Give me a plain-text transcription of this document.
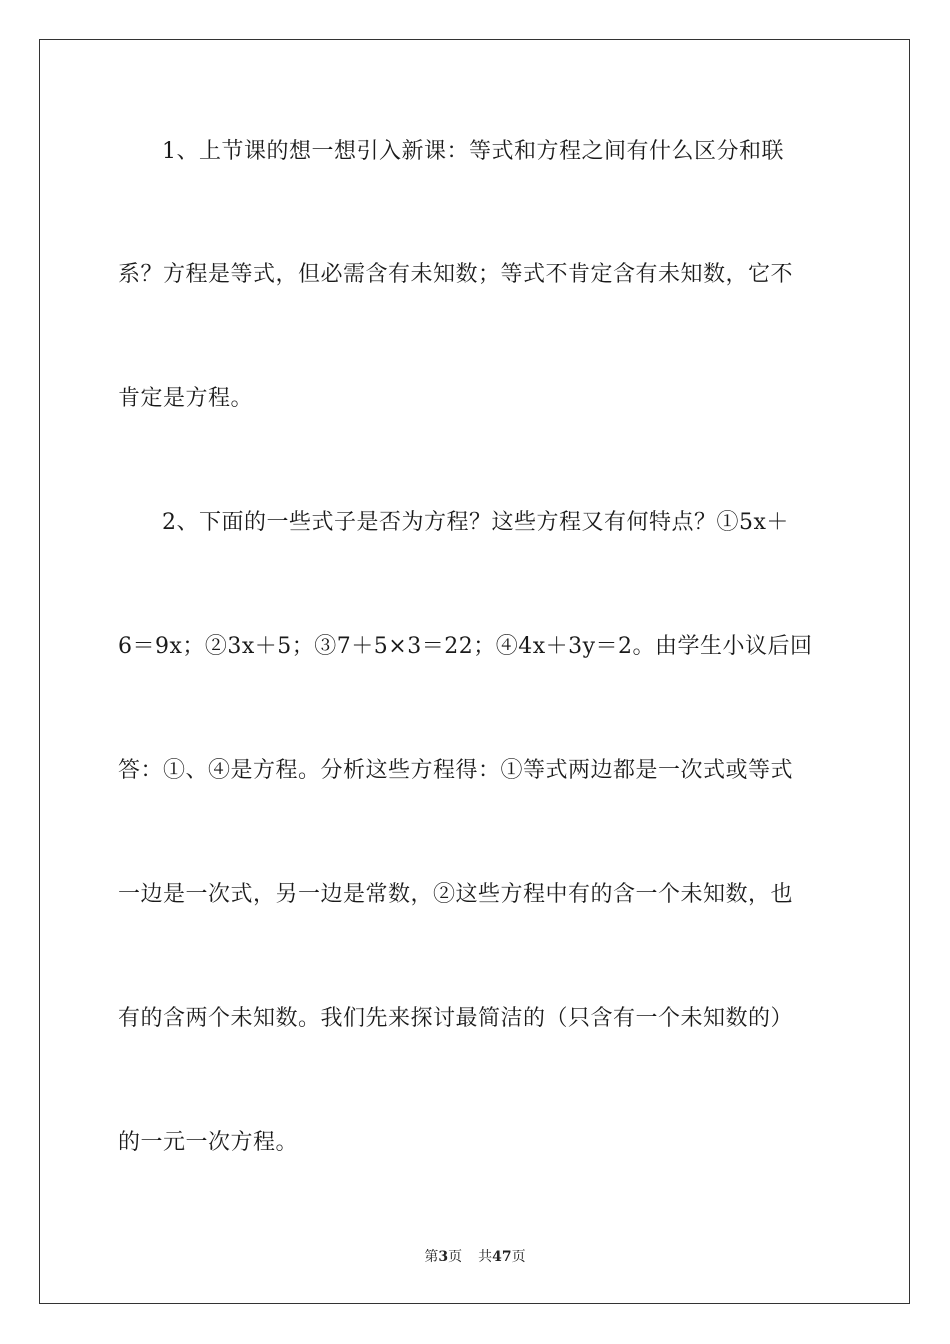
1、上节课的想一想引入新课：等式和方程之间有什么区分和联
系？方程是等式，但必需含有未知数；等式不肯定含有未知数，它不
肯定是方程。
2、下面的一些式子是否为方程？这些方程又有何特点？①5x＋
6＝9x；②3x＋5；③7＋5×3＝22；④4x＋3y＝2。由学生小议后回
答：①、④是方程。分析这些方程得：①等式两边都是一次式或等式
一边是一次式，另一边是常数，②这些方程中有的含一个未知数，也
有的含两个未知数。我们先来探讨最简洁的（只含有一个未知数的）
的一元一次方程。
第3页 共47页
